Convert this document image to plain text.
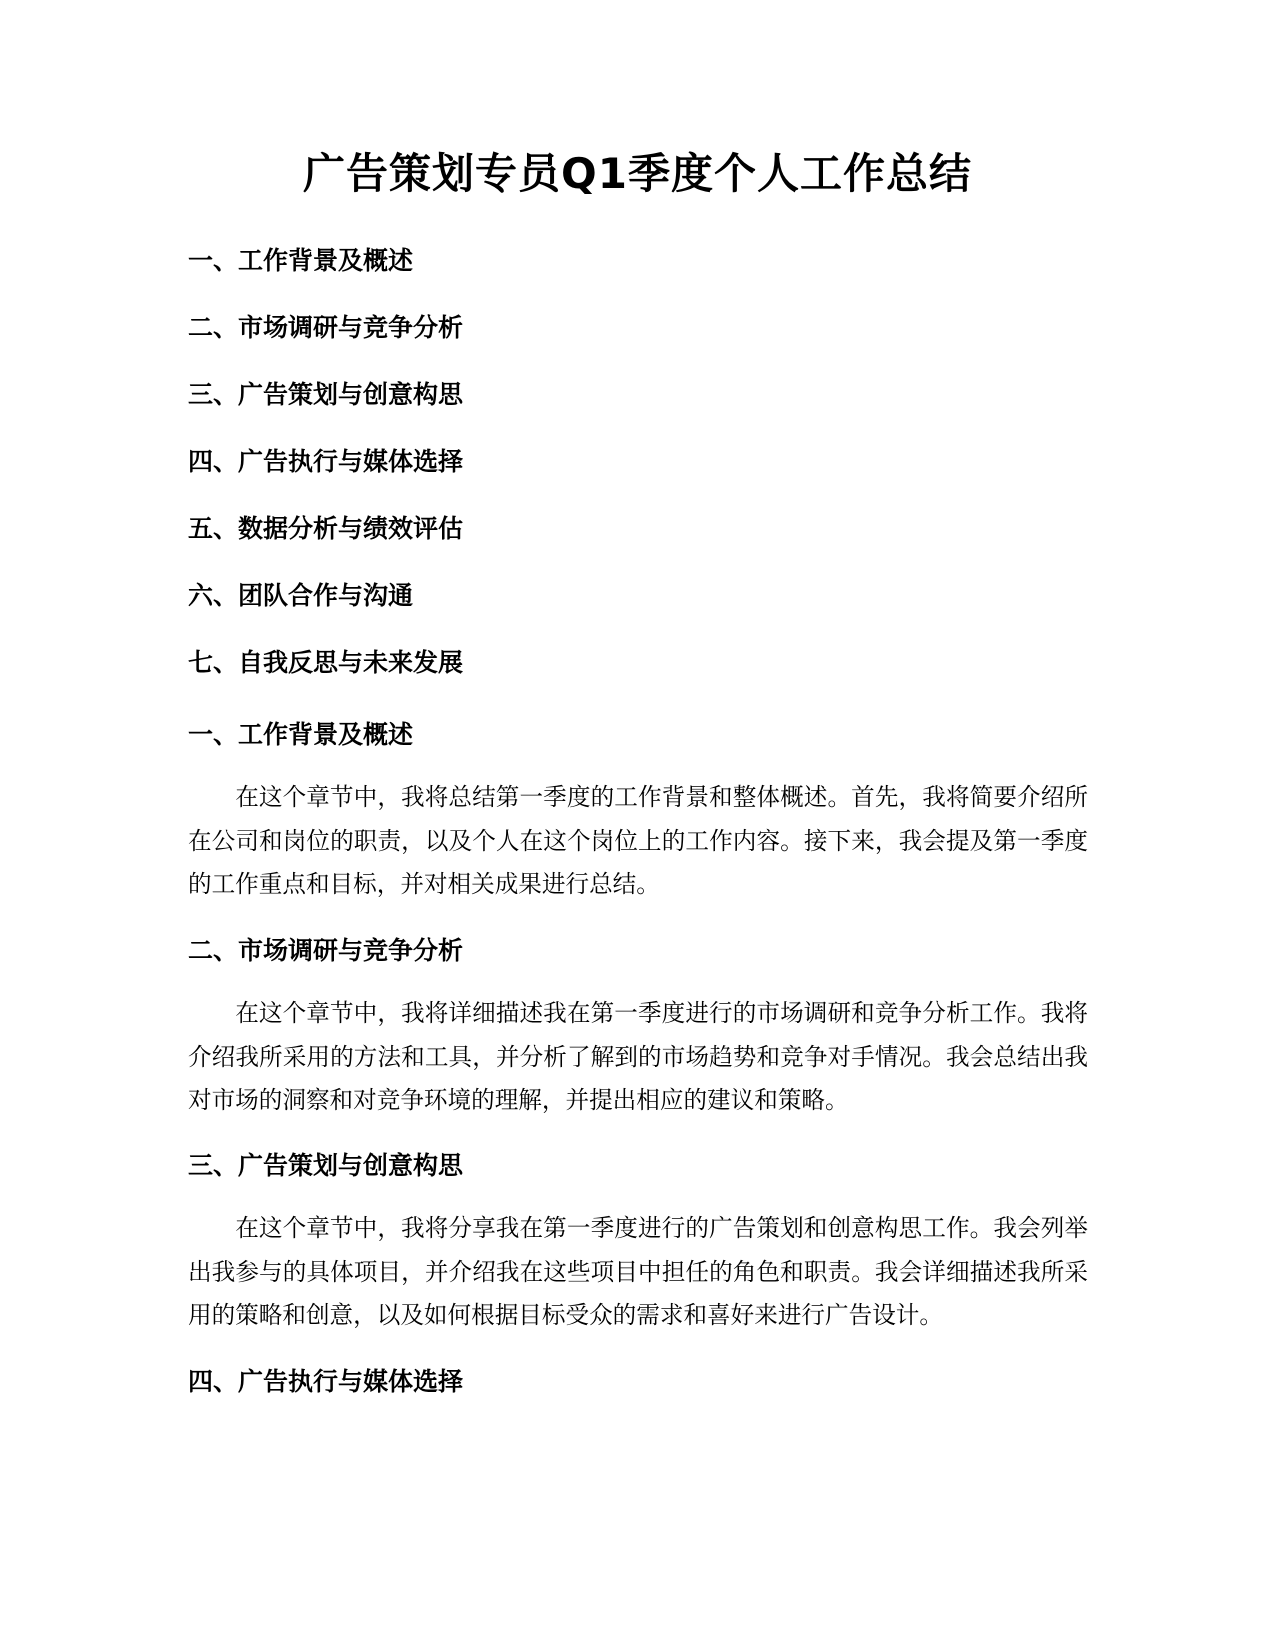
广告策划专员Q1季度个人工作总结
一、工作背景及概述
二、市场调研与竞争分析
三、广告策划与创意构思
四、广告执行与媒体选择
五、数据分析与绩效评估
六、团队合作与沟通
七、自我反思与未来发展
一、工作背景及概述

在这个章节中，我将总结第一季度的工作背景和整体概述。首先，我将简要介绍所在公司和岗位的职责，以及个人在这个岗位上的工作内容。接下来，我会提及第一季度的工作重点和目标，并对相关成果进行总结。

二、市场调研与竞争分析

在这个章节中，我将详细描述我在第一季度进行的市场调研和竞争分析工作。我将介绍我所采用的方法和工具，并分析了解到的市场趋势和竞争对手情况。我会总结出我对市场的洞察和对竞争环境的理解，并提出相应的建议和策略。

三、广告策划与创意构思

在这个章节中，我将分享我在第一季度进行的广告策划和创意构思工作。我会列举出我参与的具体项目，并介绍我在这些项目中担任的角色和职责。我会详细描述我所采用的策略和创意，以及如何根据目标受众的需求和喜好来进行广告设计。

四、广告执行与媒体选择
